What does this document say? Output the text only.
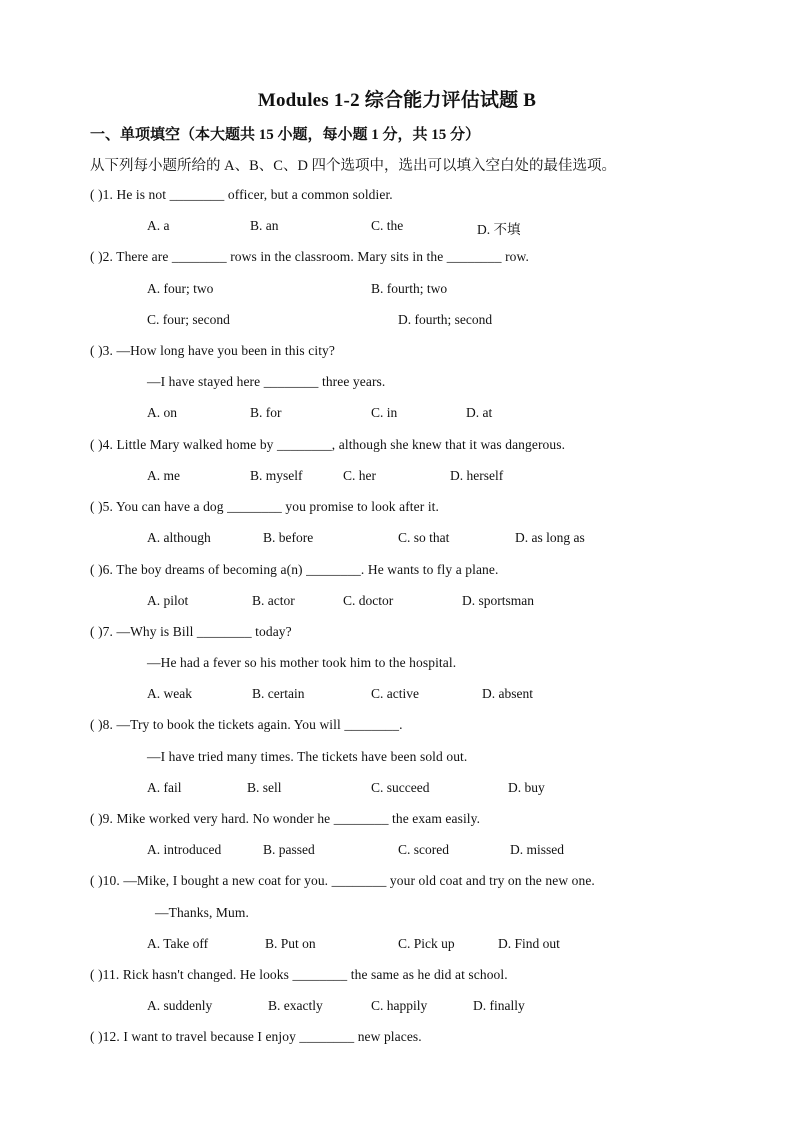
Modules 1-2 综合能力评估试题 B
一、单项填空（本大题共 15 小题，每小题 1 分，共 15 分）
从下列每小题所给的 A、B、C、D 四个选项中，选出可以填入空白处的最佳选项。
( )1. He is not ________ officer, but a common soldier.
A. a	B. an	C. the	D. 不填
( )2. There are ________ rows in the classroom. Mary sits in the ________ row.
A. four; two	B. fourth; two
C. four; second	D. fourth; second
( )3. —How long have you been in this city?
—I have stayed here ________ three years.
A. on	B. for	C. in	D. at
( )4. Little Mary walked home by ________, although she knew that it was dangerous.
A. me	B. myself	C. her	D. herself
( )5. You can have a dog ________ you promise to look after it.
A. although	B. before	C. so that	D. as long as
( )6. The boy dreams of becoming a(n) ________. He wants to fly a plane.
A. pilot	B. actor	C. doctor	D. sportsman
( )7. —Why is Bill ________ today?
—He had a fever so his mother took him to the hospital.
A. weak	B. certain	C. active	D. absent
( )8. —Try to book the tickets again. You will ________.
—I have tried many times. The tickets have been sold out.
A. fail	B. sell	C. succeed	D. buy
( )9. Mike worked very hard. No wonder he ________ the exam easily.
A. introduced	B. passed	C. scored	D. missed
( )10. —Mike, I bought a new coat for you. ________ your old coat and try on the new one.
—Thanks, Mum.
A. Take off	B. Put on	C. Pick up	D. Find out
( )11. Rick hasn't changed. He looks ________ the same as he did at school.
A. suddenly	B. exactly	C. happily	D. finally
( )12. I want to travel because I enjoy ________ new places.
